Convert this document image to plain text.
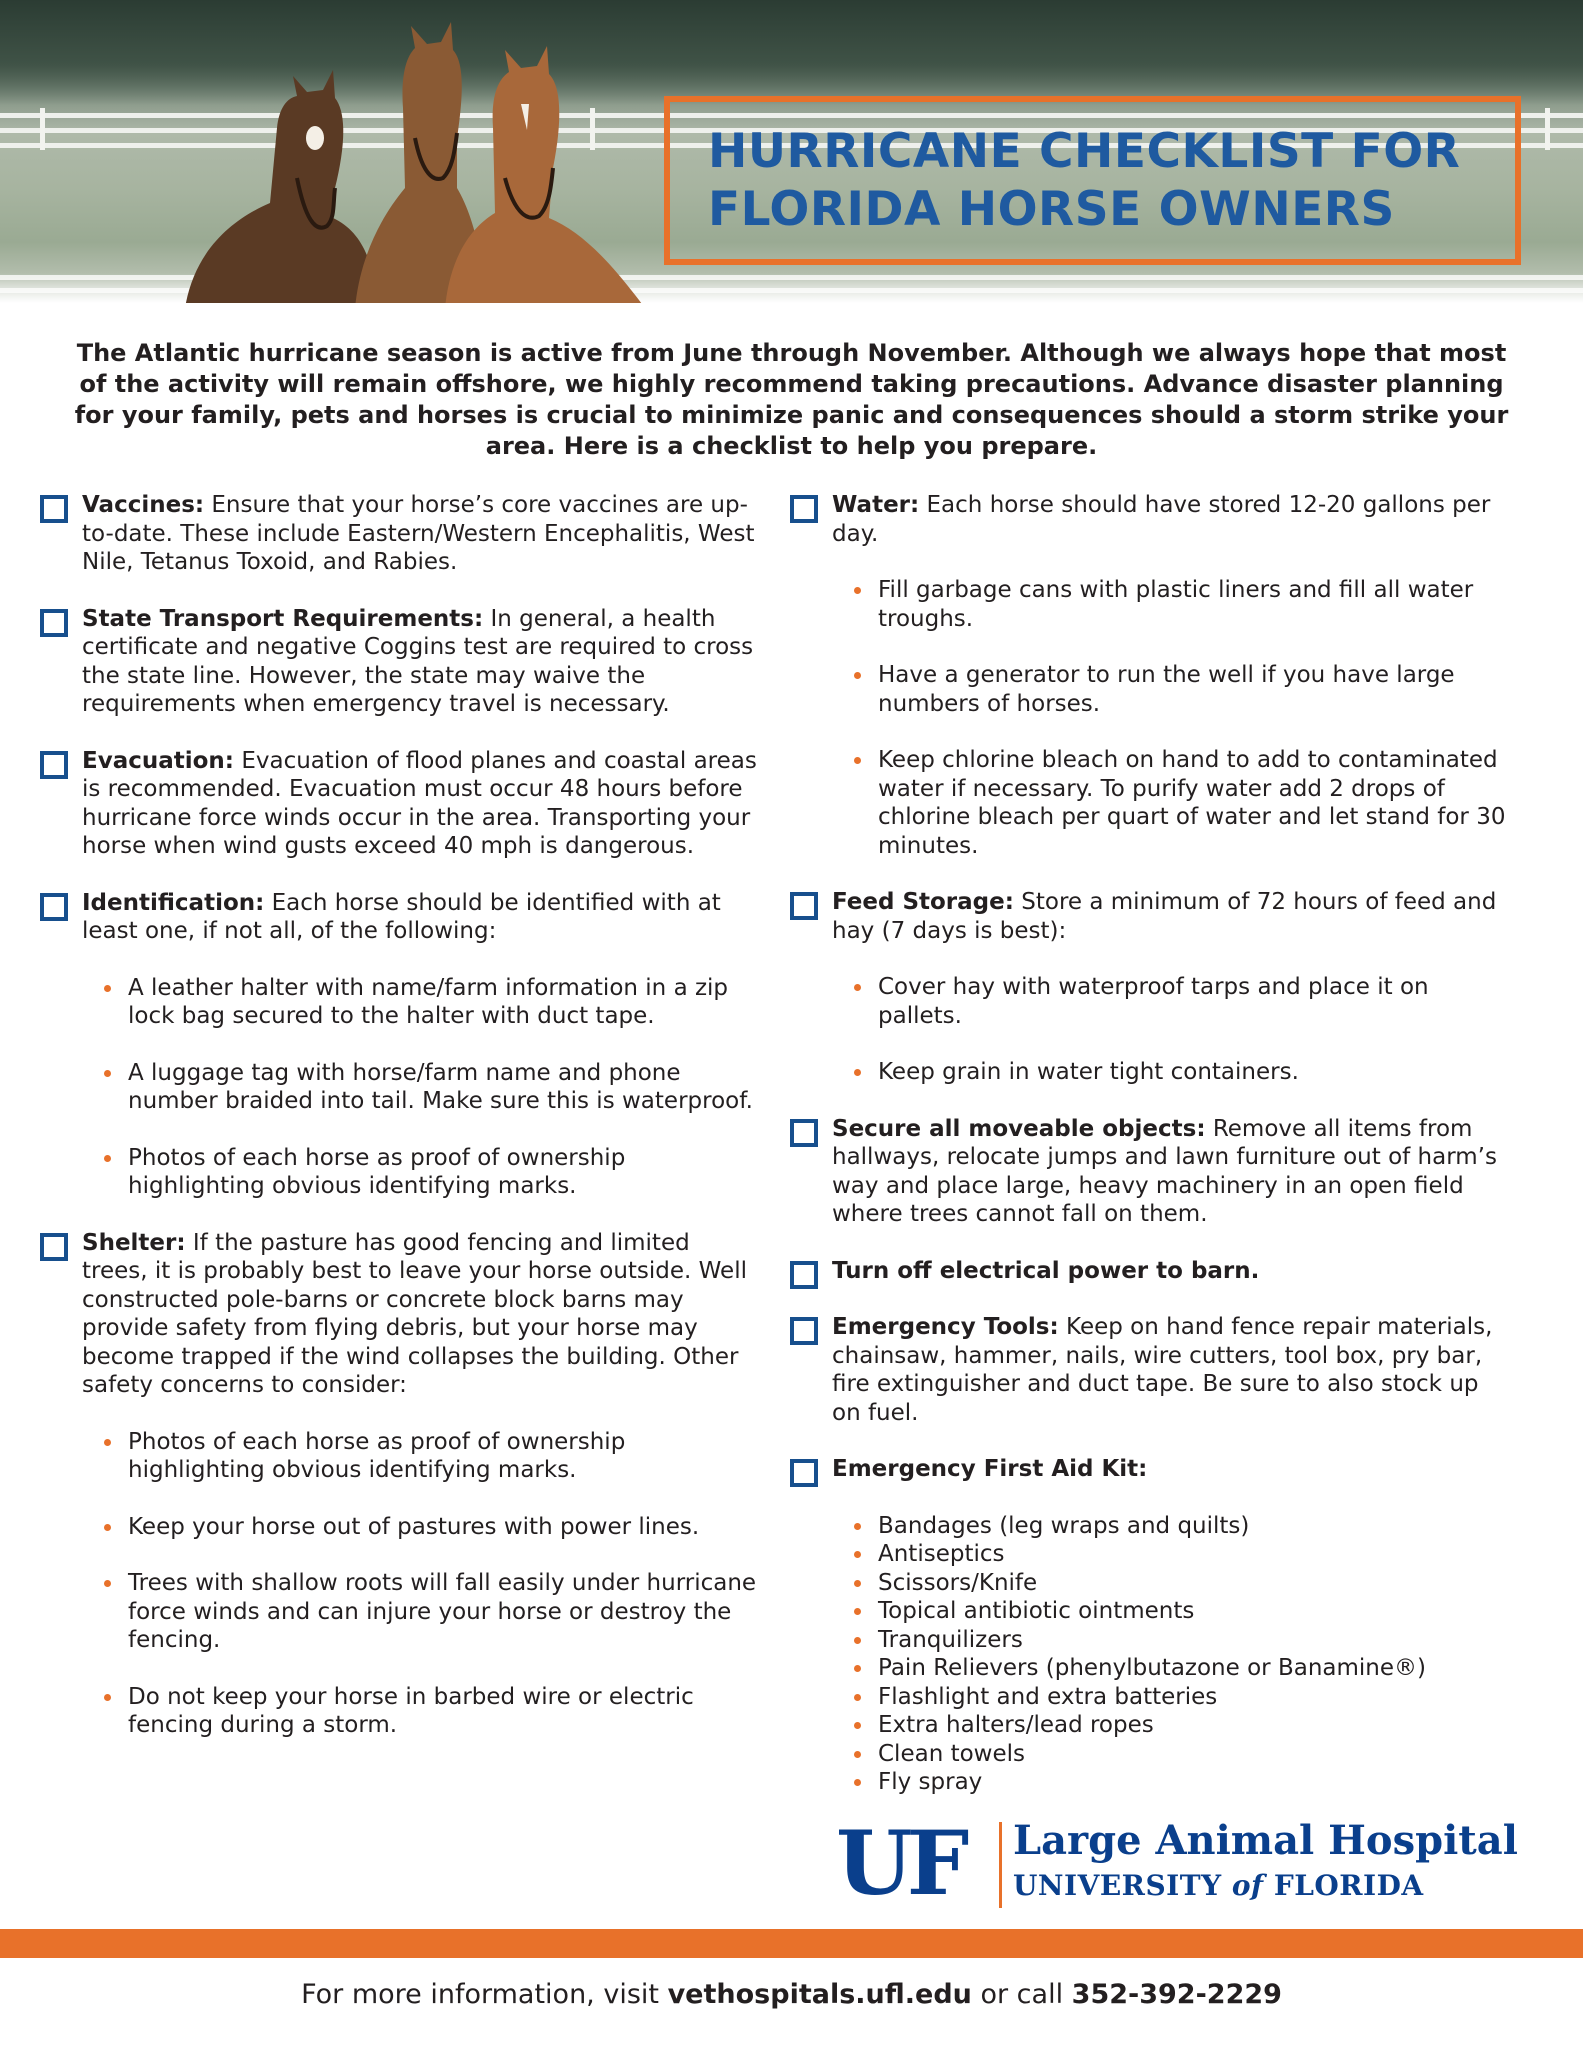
HURRICANE CHECKLIST FOR
FLORIDA HORSE OWNERS

The Atlantic hurricane season is active from June through November. Although we always hope that most of the activity will remain offshore, we highly recommend taking precautions. Advance disaster planning for your family, pets and horses is crucial to minimize panic and consequences should a storm strike your area. Here is a checklist to help you prepare.

Vaccines: Ensure that your horse’s core vaccines are up-to-date. These include Eastern/Western Encephalitis, West Nile, Tetanus Toxoid, and Rabies.
State Transport Requirements: In general, a health certificate and negative Coggins test are required to cross the state line. However, the state may waive the requirements when emergency travel is necessary.
Evacuation: Evacuation of flood planes and coastal areas is recommended. Evacuation must occur 48 hours before hurricane force winds occur in the area. Transporting your horse when wind gusts exceed 40 mph is dangerous.
Identification: Each horse should be identified with at least one, if not all, of the following:
A leather halter with name/farm information in a zip lock bag secured to the halter with duct tape.
A luggage tag with horse/farm name and phone number braided into tail. Make sure this is waterproof.
Photos of each horse as proof of ownership highlighting obvious identifying marks.
Shelter: If the pasture has good fencing and limited trees, it is probably best to leave your horse outside. Well constructed pole-barns or concrete block barns may provide safety from flying debris, but your horse may become trapped if the wind collapses the building. Other safety concerns to consider:
Photos of each horse as proof of ownership highlighting obvious identifying marks.
Keep your horse out of pastures with power lines.
Trees with shallow roots will fall easily under hurricane force winds and can injure your horse or destroy the fencing.
Do not keep your horse in barbed wire or electric fencing during a storm.
Water: Each horse should have stored 12-20 gallons per day.
Fill garbage cans with plastic liners and fill all water troughs.
Have a generator to run the well if you have large numbers of horses.
Keep chlorine bleach on hand to add to contaminated water if necessary. To purify water add 2 drops of chlorine bleach per quart of water and let stand for 30 minutes.
Feed Storage: Store a minimum of 72 hours of feed and hay (7 days is best):
Cover hay with waterproof tarps and place it on pallets.
Keep grain in water tight containers.
Secure all moveable objects: Remove all items from hallways, relocate jumps and lawn furniture out of harm’s way and place large, heavy machinery in an open field where trees cannot fall on them.
Turn off electrical power to barn.
Emergency Tools: Keep on hand fence repair materials, chainsaw, hammer, nails, wire cutters, tool box, pry bar, fire extinguisher and duct tape. Be sure to also stock up on fuel.
Emergency First Aid Kit:
Bandages (leg wraps and quilts)
Antiseptics
Scissors/Knife
Topical antibiotic ointments
Tranquilizers
Pain Relievers (phenylbutazone or Banamine®)
Flashlight and extra batteries
Extra halters/lead ropes
Clean towels
Fly spray
UF Large Animal Hospital
UNIVERSITY of FLORIDA
For more information, visit vethospitals.ufl.edu or call 352-392-2229
